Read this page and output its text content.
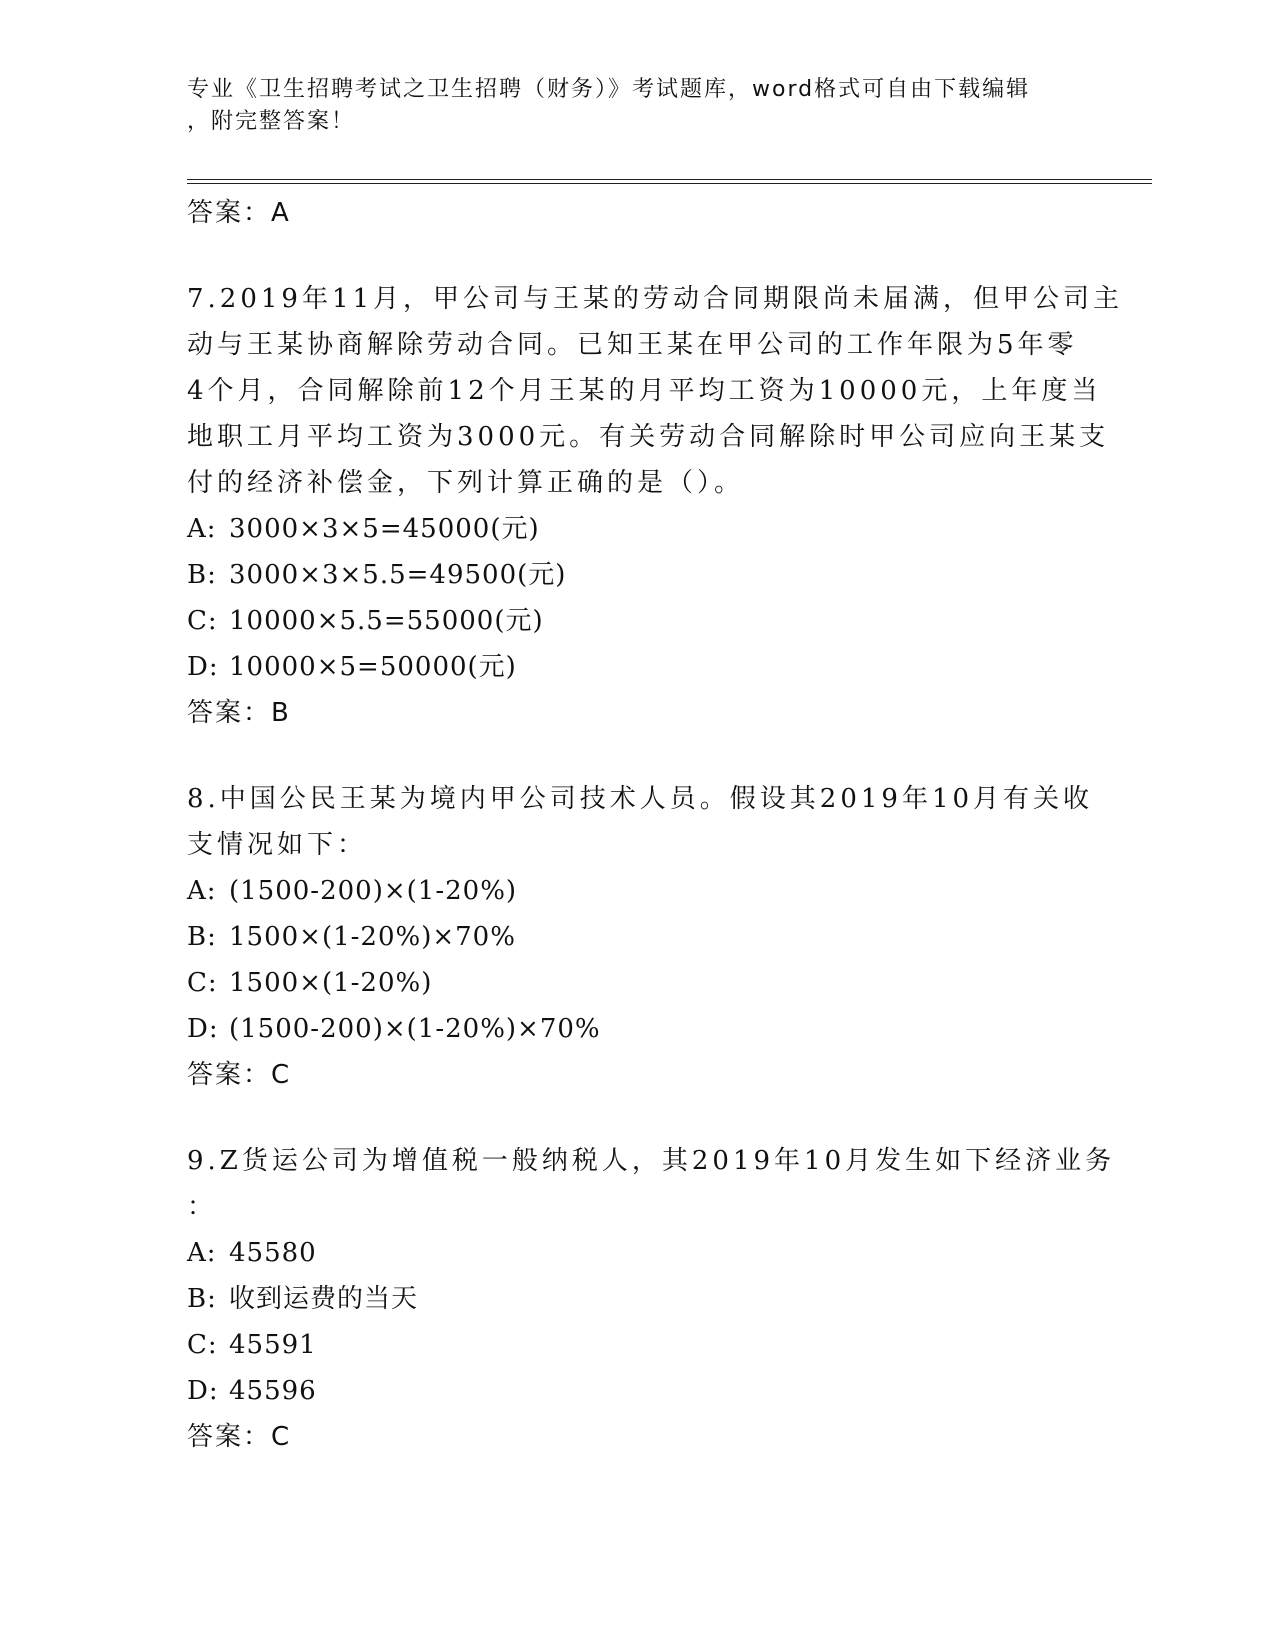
专业《卫生招聘考试之卫生招聘（财务）》考试题库，word格式可自由下载编辑
，附完整答案！
答案：A
7.2019年11月，甲公司与王某的劳动合同期限尚未届满，但甲公司主
动与王某协商解除劳动合同。已知王某在甲公司的工作年限为5年零
4个月，合同解除前12个月王某的月平均工资为10000元，上年度当
地职工月平均工资为3000元。有关劳动合同解除时甲公司应向王某支
付的经济补偿金，下列计算正确的是（）。
A: 3000×3×5=45000(元)
B: 3000×3×5.5=49500(元)
C: 10000×5.5=55000(元)
D: 10000×5=50000(元)
答案：B
8.中国公民王某为境内甲公司技术人员。假设其2019年10月有关收
支情况如下：
A: (1500-200)×(1-20%)
B: 1500×(1-20%)×70%
C: 1500×(1-20%)
D: (1500-200)×(1-20%)×70%
答案：C
9.Z货运公司为增值税一般纳税人，其2019年10月发生如下经济业务
：
A: 45580
B: 收到运费的当天
C: 45591
D: 45596
答案：C
